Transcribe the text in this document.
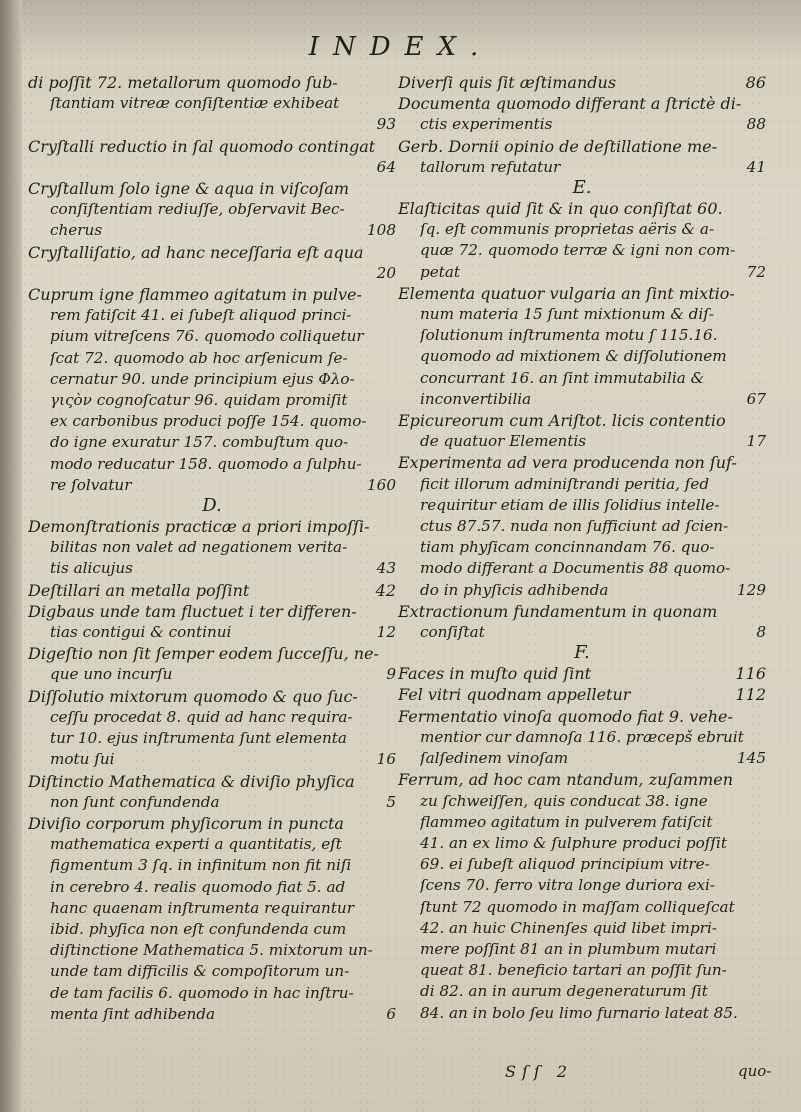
INDEX.
di poſſit 72. metallorum quomodo ſub-
ſtantiam vitreæ conſiſtentiæ exhibeat
93
Cryſtalli reductio in ſal quomodo contingat
64
Cryſtallum ſolo igne & aqua in viſcoſam
conſiſtentiam rediuſſe, obſervavit Bec-
cherus	108
Cryſtalliſatio, ad hanc neceſſaria eſt aqua
20
Cuprum igne flammeo agitatum in pulve-
rem fatiſcit 41. ei ſubeſt aliquod princi-
pium vitreſcens 76. quomodo colliquetur
ſcat 72. quomodo ab hoc arſenicum ſe-
cernatur 90. unde principium ejus Φλο-
γιςὸν cognoſcatur 96. quidam promiſit
ex carbonibus produci poſſe 154. quomo-
do igne exuratur 157. combuſtum quo-
modo reducatur 158. quomodo a ſulphu-
re ſolvatur	160
D.
Demonſtrationis practicæ a priori impoſſi-
bilitas non valet ad negationem verita-
tis alicujus	43
Deſtillari an metalla poſſint	42
Digbaus unde tam fluctuet i ter differen-
tias contigui & continui	12
Digeſtio non ſit ſemper eodem ſucceſſu, ne-
que uno incurſu	9
Diſſolutio mixtorum quomodo & quo ſuc-
ceſſu procedat 8. quid ad hanc requira-
tur 10. ejus inſtrumenta ſunt elementa
motu ſui	16
Diſtinctio Mathematica & diviſio phyſica
non ſunt confundenda	5
Diviſio corporum phyſicorum in puncta
mathematica experti a quantitatis, eſt
figmentum 3 ſq. in infinitum non fit niſi
in cerebro 4. realis quomodo fiat 5. ad
hanc quaenam inſtrumenta requirantur
ibid. phyſica non eſt confundenda cum
diſtinctione Mathematica 5. mixtorum un-
unde tam difficilis & compoſitorum un-
de tam facilis 6. quomodo in hac inſtru-
menta ſint adhibenda	6
Diverſi quis ſit æſtimandus	86
Documenta quomodo differant a ſtrictè di-
ctis experimentis	88
Gerb. Dornii opinio de deſtillatione me-
tallorum refutatur	41
E.
Elaſticitas quid ſit & in quo conſiſtat 60.
ſq. eſt communis proprietas aëris & a-
quæ 72. quomodo terræ & igni non com-
petat	72
Elementa quatuor vulgaria an ſint mixtio-
num materia 15 ſunt mixtionum & diſ-
ſolutionum inſtrumenta motu ſ 115.16.
quomodo ad mixtionem & diſſolutionem
concurrant 16. an ſint immutabilia &
inconvertibilia	67
Epicureorum cum Ariſtot. licis contentio
de quatuor Elementis	17
Experimenta ad vera producenda non ſuf-
ficit illorum adminiſtrandi peritia, ſed
requiritur etiam de illis ſolidius intelle-
ctus 87.57. nuda non ſufficiunt ad ſcien-
tiam phyſicam concinnandam 76. quo-
modo differant a Documentis 88 quomo-
do in phyſicis adhibenda	129
Extractionum fundamentum in quonam
conſiſtat	8
F.
Faces in muſto quid ſint	116
Fel vitri quodnam appelletur	112
Fermentatio vinoſa quomodo fiat 9. vehe-
mentior cur damnoſa 116. præcepš ebruit
ſalſedinem vinoſam	145
Ferrum, ad hoc cam ntandum, zuſammen
zu ſchweiſſen, quis conducat 38. igne
flammeo agitatum in pulverem fatiſcit
41. an ex limo & ſulphure produci poſſit
69. ei ſubeſt aliquod principium vitre-
ſcens 70. ferro vitra longe duriora exi-
ſtunt 72 quomodo in maſſam colliqueſcat
42. an huic Chinenſes quid libet impri-
mere poſſint 81 an in plumbum mutari
queat 81. beneficio tartari an poſſit ſun-
di 82. an in aurum degeneraturum ſit
84. an in bolo ſeu limo furnario lateat 85.
Sſſ 2	quo-
